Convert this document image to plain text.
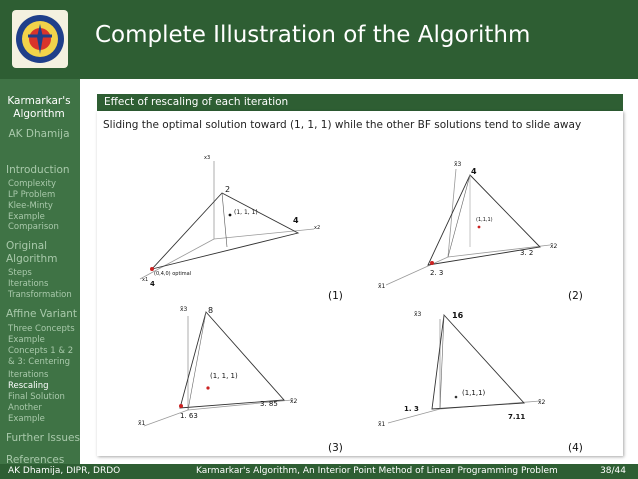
Complete Illustration of the Algorithm
Karmarkar's Algorithm
AK Dhamija
Introduction
Complexity
LP Problem
Klee-Minty Example
Comparison
Original Algorithm
Steps
Iterations
Transformation
Affine Variant
Three Concepts Example
Concepts 1 & 2 & 3: Centering
Iterations
Rescaling
Final Solution
Another Example
Further Issues
References
Effect of rescaling of each iteration
Sliding the optimal solution toward (1, 1, 1) while the other BF solutions tend to slide away
x3
x2
x1
2
4
(1, 1, 1)
(0,4,0) optimal
4
(1)
x̃3
x̃2
x̃1
4
3. 2
2. 3
(1,1,1)
(2)
x̃3
x̃2
x̃1
8
3. 85
1. 63
(1, 1, 1)
(3)
x̃3
x̃2
x̃1
16
7.11
1. 3
(1,1,1)
(4)
AK Dhamija, DIPR, DRDO	Karmarkar's Algorithm, An Interior Point Method of Linear Programming Problem	38/44
